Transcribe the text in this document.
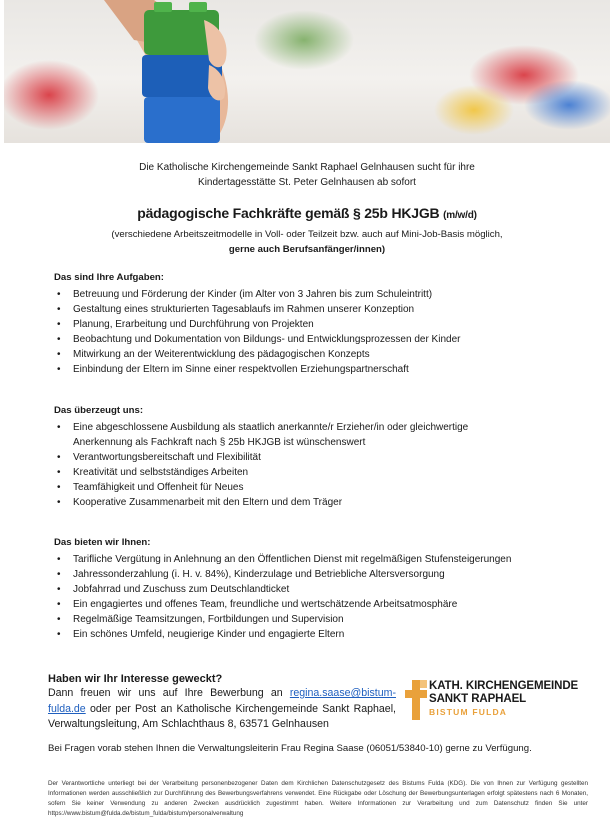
Die Katholische Kirchengemeinde Sankt Raphael Gelnhausen sucht für ihre
Kindertagesstätte St. Peter Gelnhausen ab sofort
pädagogische Fachkräfte gemäß § 25b HKJGB (m/w/d)
(verschiedene Arbeitszeitmodelle in Voll- oder Teilzeit bzw. auch auf Mini-Job-Basis möglich,
gerne auch Berufsanfänger/innen)
Das sind Ihre Aufgaben:
• Betreuung und Förderung der Kinder (im Alter von 3 Jahren bis zum Schuleintritt)
• Gestaltung eines strukturierten Tagesablaufs im Rahmen unserer Konzeption
• Planung, Erarbeitung und Durchführung von Projekten
• Beobachtung und Dokumentation von Bildungs- und Entwicklungsprozessen der Kinder
• Mitwirkung an der Weiterentwicklung des pädagogischen Konzepts
• Einbindung der Eltern im Sinne einer respektvollen Erziehungspartnerschaft
Das überzeugt uns:
• Eine abgeschlossene Ausbildung als staatlich anerkannte/r Erzieher/in oder gleichwertige Anerkennung als Fachkraft nach § 25b HKJGB ist wünschenswert
• Verantwortungsbereitschaft und Flexibilität
• Kreativität und selbstständiges Arbeiten
• Teamfähigkeit und Offenheit für Neues
• Kooperative Zusammenarbeit mit den Eltern und dem Träger
Das bieten wir Ihnen:
• Tarifliche Vergütung in Anlehnung an den Öffentlichen Dienst mit regelmäßigen Stufensteigerungen
• Jahressonderzahlung (i. H. v. 84%), Kinderzulage und Betriebliche Altersversorgung
• Jobfahrrad und Zuschuss zum Deutschlandticket
• Ein engagiertes und offenes Team, freundliche und wertschätzende Arbeitsatmosphäre
• Regelmäßige Teamsitzungen, Fortbildungen und Supervision
• Ein schönes Umfeld, neugierige Kinder und engagierte Eltern
Haben wir Ihr Interesse geweckt?
Dann freuen wir uns auf Ihre Bewerbung an regina.saase@bistum-fulda.de oder per Post an Katholische Kirchengemeinde Sankt Raphael, Verwaltungsleitung, Am Schlachthaus 8, 63571 Gelnhausen
KATH. KIRCHENGEMEINDE
SANKT RAPHAEL
BISTUM FULDA
Bei Fragen vorab stehen Ihnen die Verwaltungsleiterin Frau Regina Saase (06051/53840-10) gerne zu Verfügung.
Der Verantwortliche unterliegt bei der Verarbeitung personenbezogener Daten dem Kirchlichen Datenschutzgesetz des Bistums Fulda (KDG). Die von Ihnen zur Verfügung gestellten Informationen werden ausschließlich zur Durchführung des Bewerbungsverfahrens verwendet. Eine Rückgabe oder Löschung der Bewerbungsunterlagen erfolgt spätestens nach 6 Monaten, sofern Sie keiner Verwendung zu anderen Zwecken ausdrücklich zugestimmt haben. Weitere Informationen zur Verarbeitung und zum Datenschutz finden Sie unter https://www.bistum@fulda.de/bistum_fulda/bistum/personalverwaltung
